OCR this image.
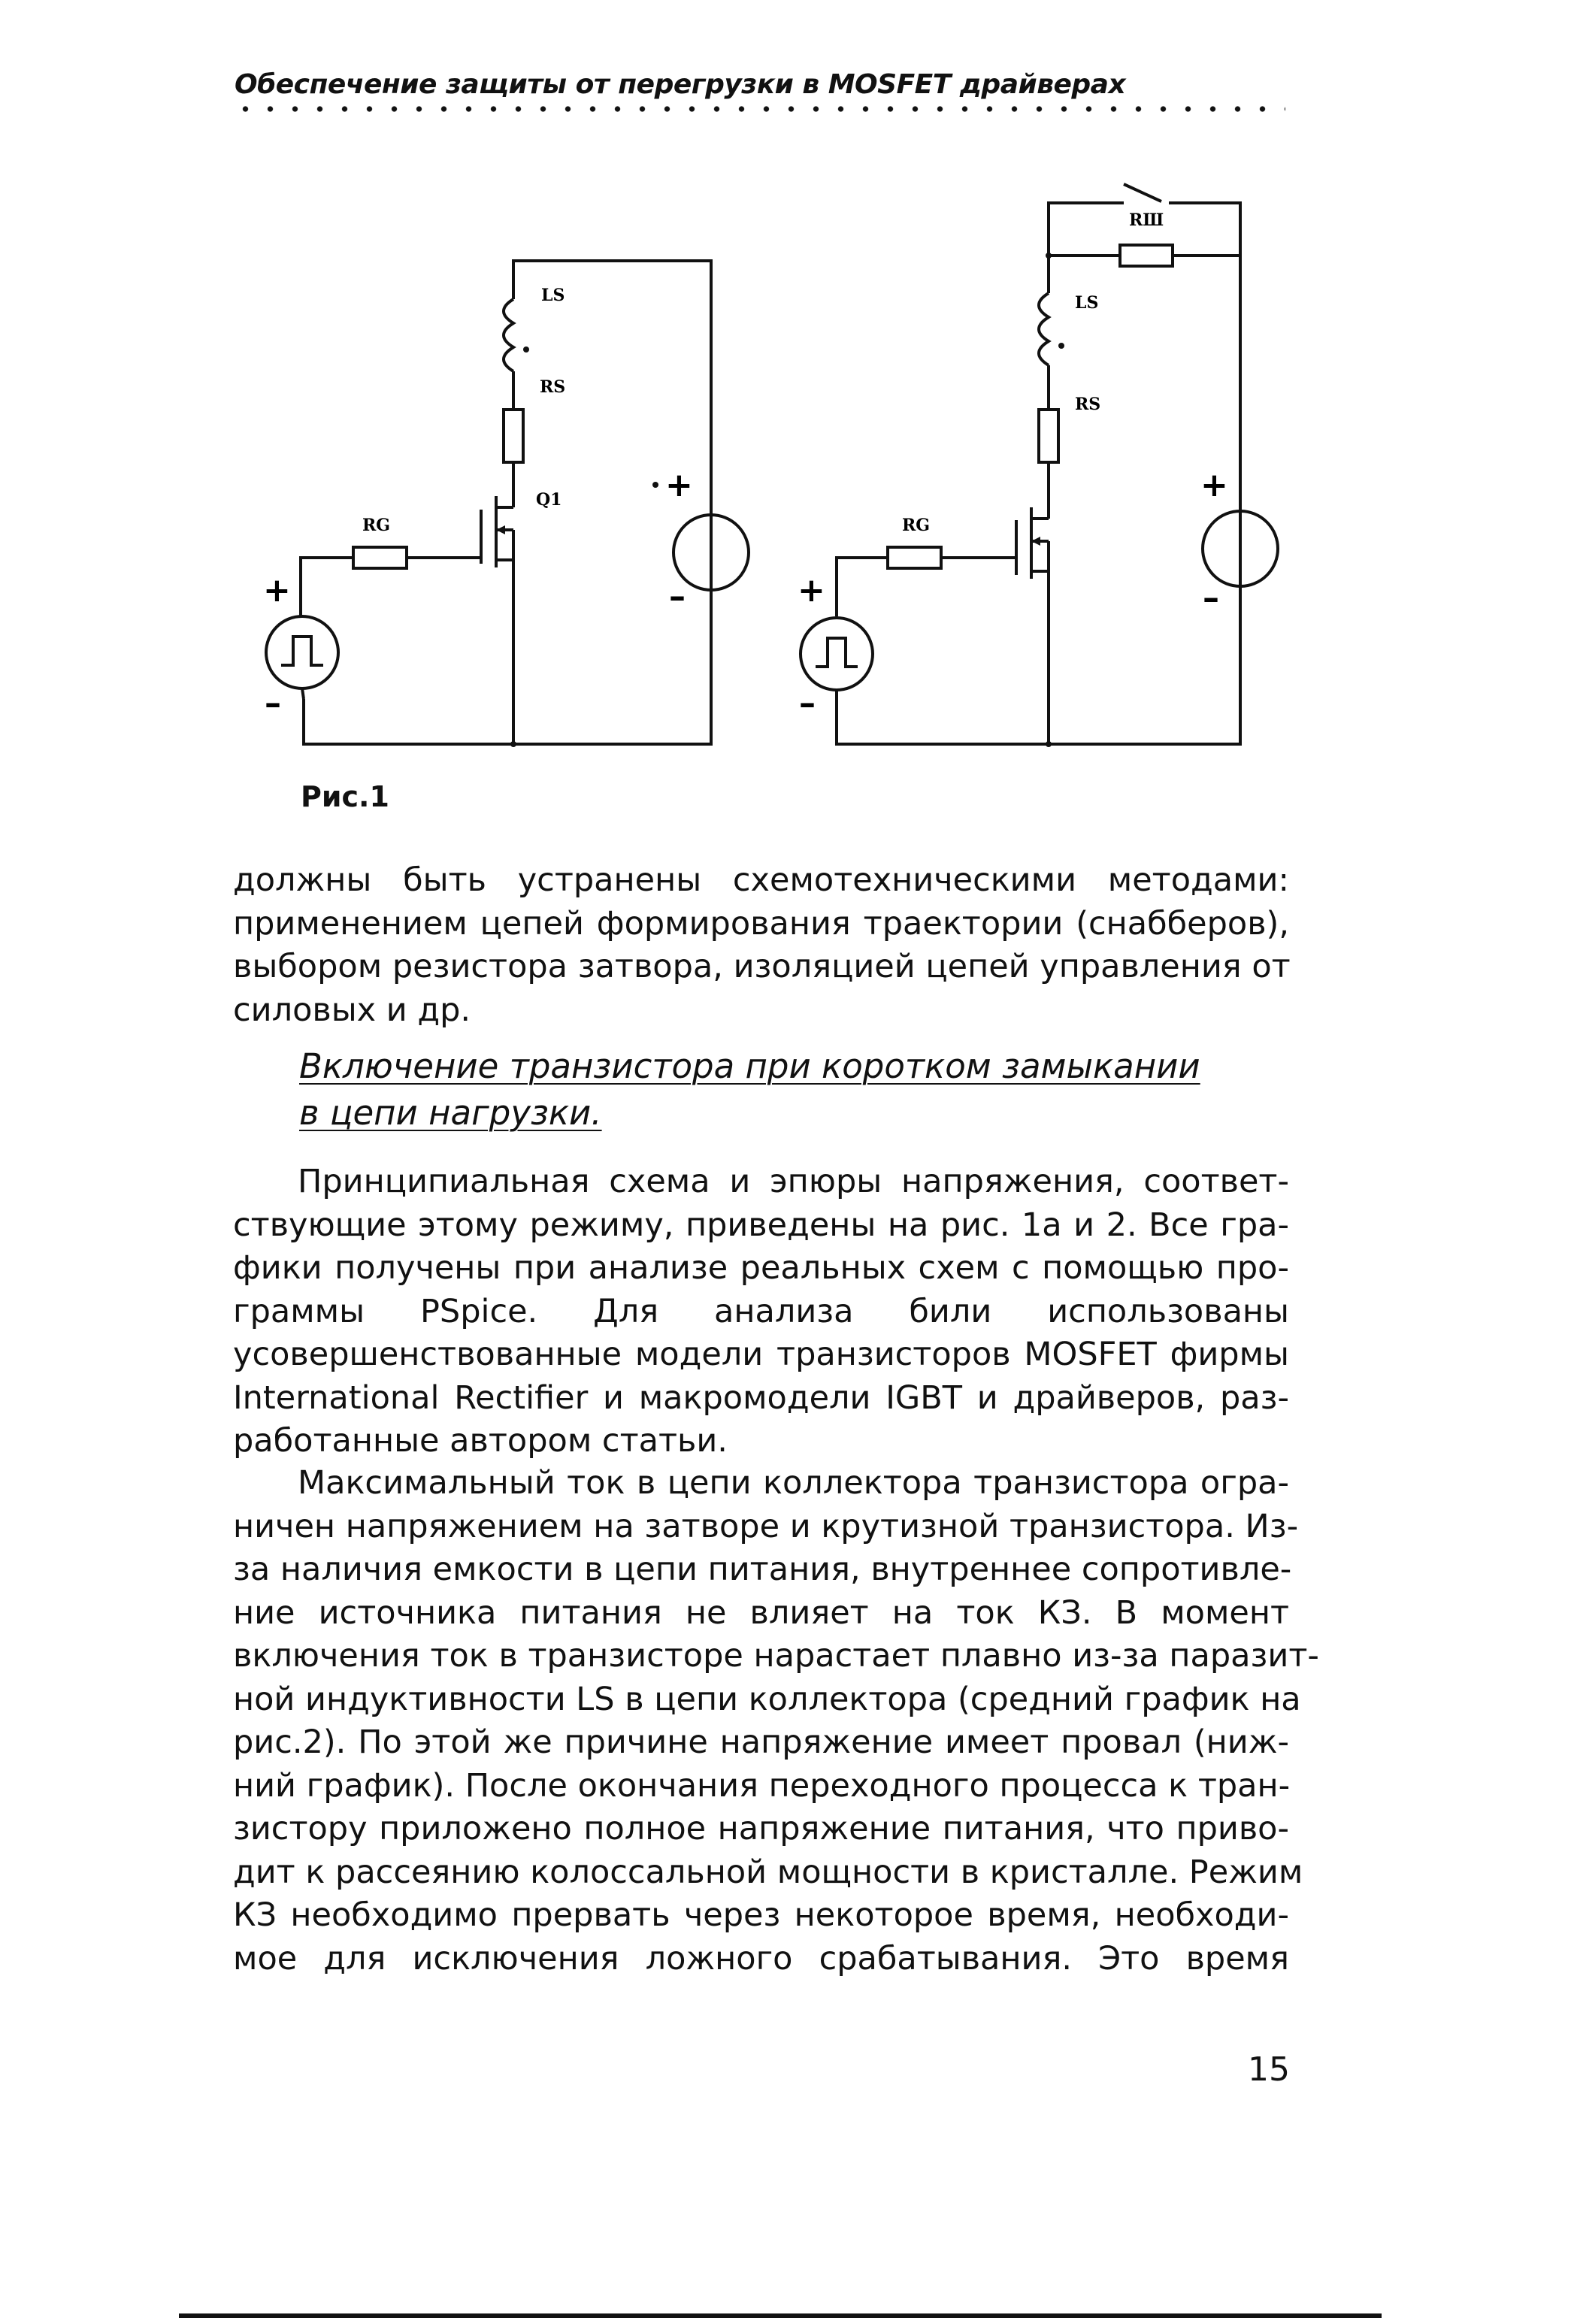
Обеспечение защиты от перегрузки в MOSFET драйверах
LS
RS
Q1
RG
+
–
+
–
RШ
LS
RS
RG
+
–
+
–
Рис.1
должны быть устранены схемотехническими методами:
применением цепей формирования траектории (снабберов),
выбором резистора затвора, изоляцией цепей управления от
силовых и др.
Включение транзистора при коротком замыкании
в цепи нагрузки.
Принципиальная схема и эпюры напряжения, соответ-
ствующие этому режиму, приведены на рис. 1а и 2. Все гра-
фики получены при анализе реальных схем с помощью про-
граммы PSpice. Для анализа били использованы
усовершенствованные модели транзисторов MOSFET фирмы
International Rectifier и макромодели IGBT и драйверов, раз-
работанные автором статьи.
Максимальный ток в цепи коллектора транзистора огра-
ничен напряжением на затворе и крутизной транзистора. Из-
за наличия емкости в цепи питания, внутреннее сопротивле-
ние источника питания не влияет на ток КЗ. В момент
включения ток в транзисторе нарастает плавно из-за паразит-
ной индуктивности LS в цепи коллектора (средний график на
рис.2). По этой же причине напряжение имеет провал (ниж-
ний график). После окончания переходного процесса к тран-
зистору приложено полное напряжение питания, что приво-
дит к рассеянию колоссальной мощности в кристалле. Режим
КЗ необходимо прервать через некоторое время, необходи-
мое для исключения ложного срабатывания. Это время
15
